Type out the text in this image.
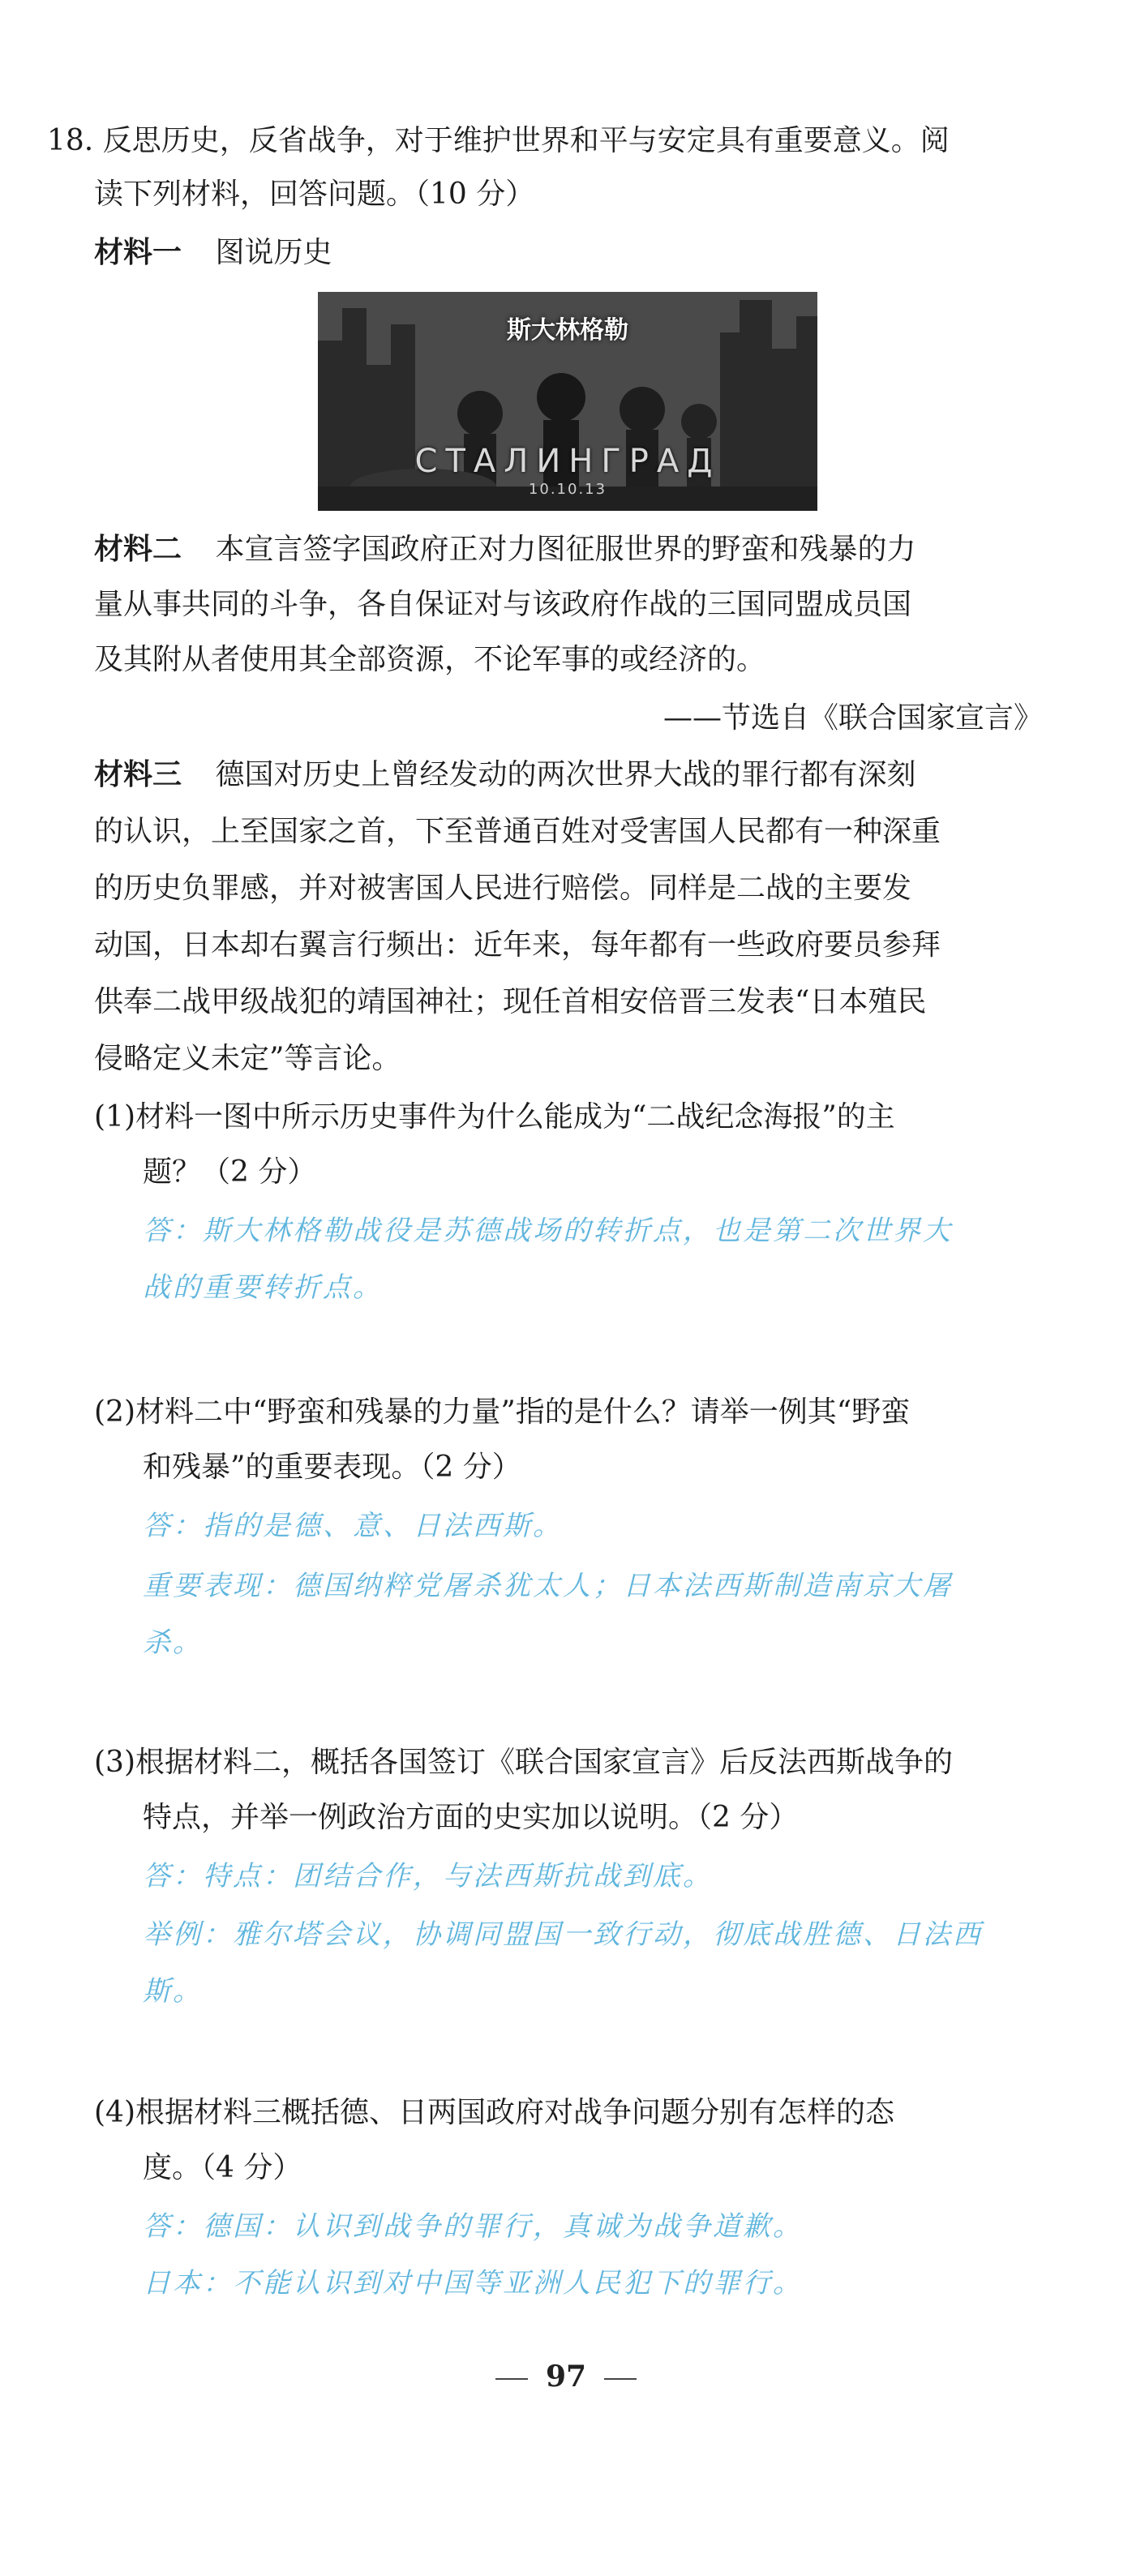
18. 反思历史，反省战争，对于维护世界和平与安定具有重要意义。阅
读下列材料，回答问题。（10 分）
材料一 图说历史
斯大林格勒
СТАЛИНГРАД
10.10.13
材料二 本宣言签字国政府正对力图征服世界的野蛮和残暴的力
量从事共同的斗争，各自保证对与该政府作战的三国同盟成员国
及其附从者使用其全部资源，不论军事的或经济的。
——节选自《联合国家宣言》
材料三 德国对历史上曾经发动的两次世界大战的罪行都有深刻
的认识，上至国家之首，下至普通百姓对受害国人民都有一种深重
的历史负罪感，并对被害国人民进行赔偿。同样是二战的主要发
动国，日本却右翼言行频出：近年来，每年都有一些政府要员参拜
供奉二战甲级战犯的靖国神社；现任首相安倍晋三发表“日本殖民
侵略定义未定”等言论。
(1)材料一图中所示历史事件为什么能成为“二战纪念海报”的主
题？（2 分）
答：斯大林格勒战役是苏德战场的转折点，也是第二次世界大
战的重要转折点。
(2)材料二中“野蛮和残暴的力量”指的是什么？请举一例其“野蛮
和残暴”的重要表现。（2 分）
答：指的是德、意、日法西斯。
重要表现：德国纳粹党屠杀犹太人；日本法西斯制造南京大屠
杀。
(3)根据材料二，概括各国签订《联合国家宣言》后反法西斯战争的
特点，并举一例政治方面的史实加以说明。（2 分）
答：特点：团结合作，与法西斯抗战到底。
举例：雅尔塔会议，协调同盟国一致行动，彻底战胜德、日法西
斯。
(4)根据材料三概括德、日两国政府对战争问题分别有怎样的态
度。（4 分）
答：德国：认识到战争的罪行，真诚为战争道歉。
日本：不能认识到对中国等亚洲人民犯下的罪行。
97
